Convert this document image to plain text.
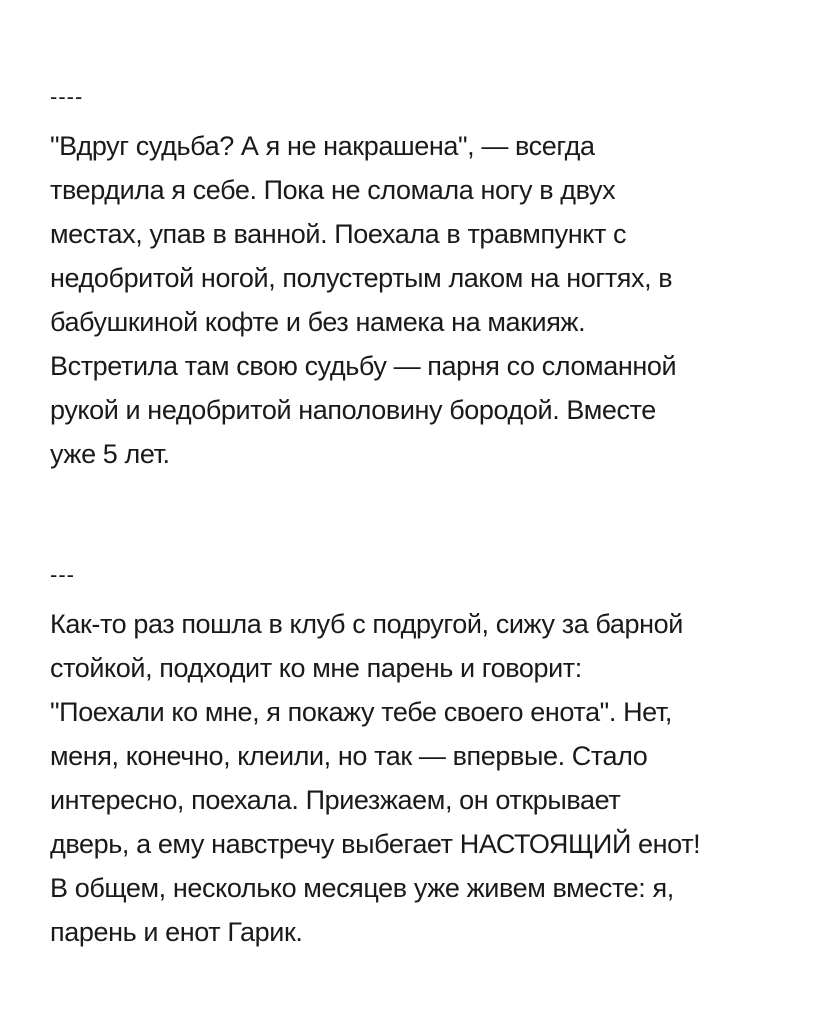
----

"Вдруг судьба? А я не накрашена", — всегда
твердила я себе. Пока не сломала ногу в двух
местах, упав в ванной. Поехала в травмпункт с
недобритой ногой, полустертым лаком на ногтях, в
бабушкиной кофте и без намека на макияж.
Встретила там свою судьбу — парня со сломанной
рукой и недобритой наполовину бородой. Вместе
уже 5 лет.

---

Как-то раз пошла в клуб с подругой, сижу за барной
стойкой, подходит ко мне парень и говорит:
"Поехали ко мне, я покажу тебе своего енота". Нет,
меня, конечно, клеили, но так — впервые. Стало
интересно, поехала. Приезжаем, он открывает
дверь, а ему навстречу выбегает НАСТОЯЩИЙ енот!
В общем, несколько месяцев уже живем вместе: я,
парень и енот Гарик.
